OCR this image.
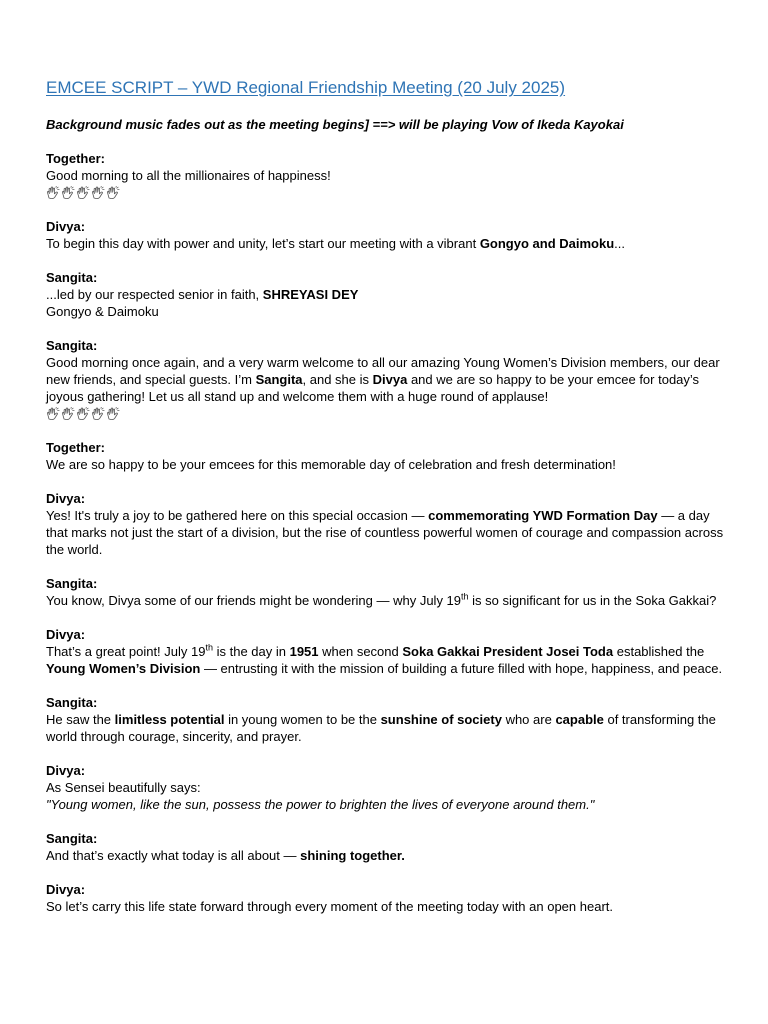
EMCEE SCRIPT – YWD Regional Friendship Meeting (20 July 2025)

Background music fades out as the meeting begins] ==> will be playing Vow of Ikeda Kayokai

Together:
Good morning to all the millionaires of happiness!
Divya:
To begin this day with power and unity, let’s start our meeting with a vibrant Gongyo and Daimoku...
Sangita:
...led by our respected senior in faith, SHREYASI DEY
Gongyo & Daimoku
Sangita:
Good morning once again, and a very warm welcome to all our amazing Young Women’s Division members, our dear new friends, and special guests. I’m Sangita, and she is Divya and we are so happy to be your emcee for today’s joyous gathering! Let us all stand up and welcome them with a huge round of applause!
Together:
We are so happy to be your emcees for this memorable day of celebration and fresh determination!
Divya:
Yes! It's truly a joy to be gathered here on this special occasion — commemorating YWD Formation Day — a day that marks not just the start of a division, but the rise of countless powerful women of courage and compassion across the world.
Sangita:
You know, Divya some of our friends might be wondering — why July 19th is so significant for us in the Soka Gakkai?
Divya:
That’s a great point! July 19th is the day in 1951 when second Soka Gakkai President Josei Toda established the Young Women’s Division — entrusting it with the mission of building a future filled with hope, happiness, and peace.
Sangita:
He saw the limitless potential in young women to be the sunshine of society who are capable of transforming the world through courage, sincerity, and prayer.
Divya:
As Sensei beautifully says:
"Young women, like the sun, possess the power to brighten the lives of everyone around them."
Sangita:
And that’s exactly what today is all about — shining together.
Divya:
So let’s carry this life state forward through every moment of the meeting today with an open heart.
